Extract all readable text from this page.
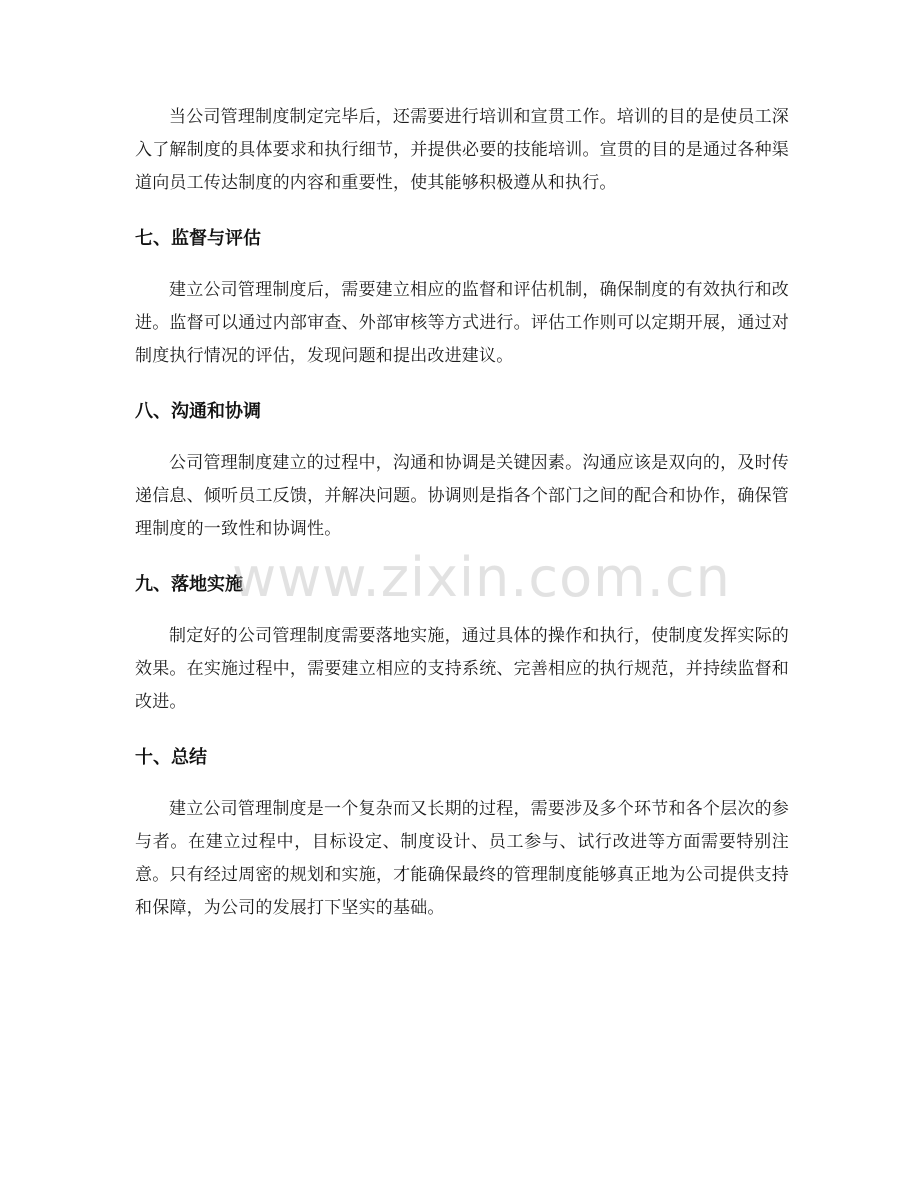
当公司管理制度制定完毕后，还需要进行培训和宣贯工作。培训的目的是使员工深入了解制度的具体要求和执行细节，并提供必要的技能培训。宣贯的目的是通过各种渠道向员工传达制度的内容和重要性，使其能够积极遵从和执行。

七、监督与评估

建立公司管理制度后，需要建立相应的监督和评估机制，确保制度的有效执行和改进。监督可以通过内部审查、外部审核等方式进行。评估工作则可以定期开展，通过对制度执行情况的评估，发现问题和提出改进建议。

八、沟通和协调

公司管理制度建立的过程中，沟通和协调是关键因素。沟通应该是双向的，及时传递信息、倾听员工反馈，并解决问题。协调则是指各个部门之间的配合和协作，确保管理制度的一致性和协调性。

九、落地实施

制定好的公司管理制度需要落地实施，通过具体的操作和执行，使制度发挥实际的效果。在实施过程中，需要建立相应的支持系统、完善相应的执行规范，并持续监督和改进。

十、总结

建立公司管理制度是一个复杂而又长期的过程，需要涉及多个环节和各个层次的参与者。在建立过程中，目标设定、制度设计、员工参与、试行改进等方面需要特别注意。只有经过周密的规划和实施，才能确保最终的管理制度能够真正地为公司提供支持和保障，为公司的发展打下坚实的基础。

www.zixin.com.cn
